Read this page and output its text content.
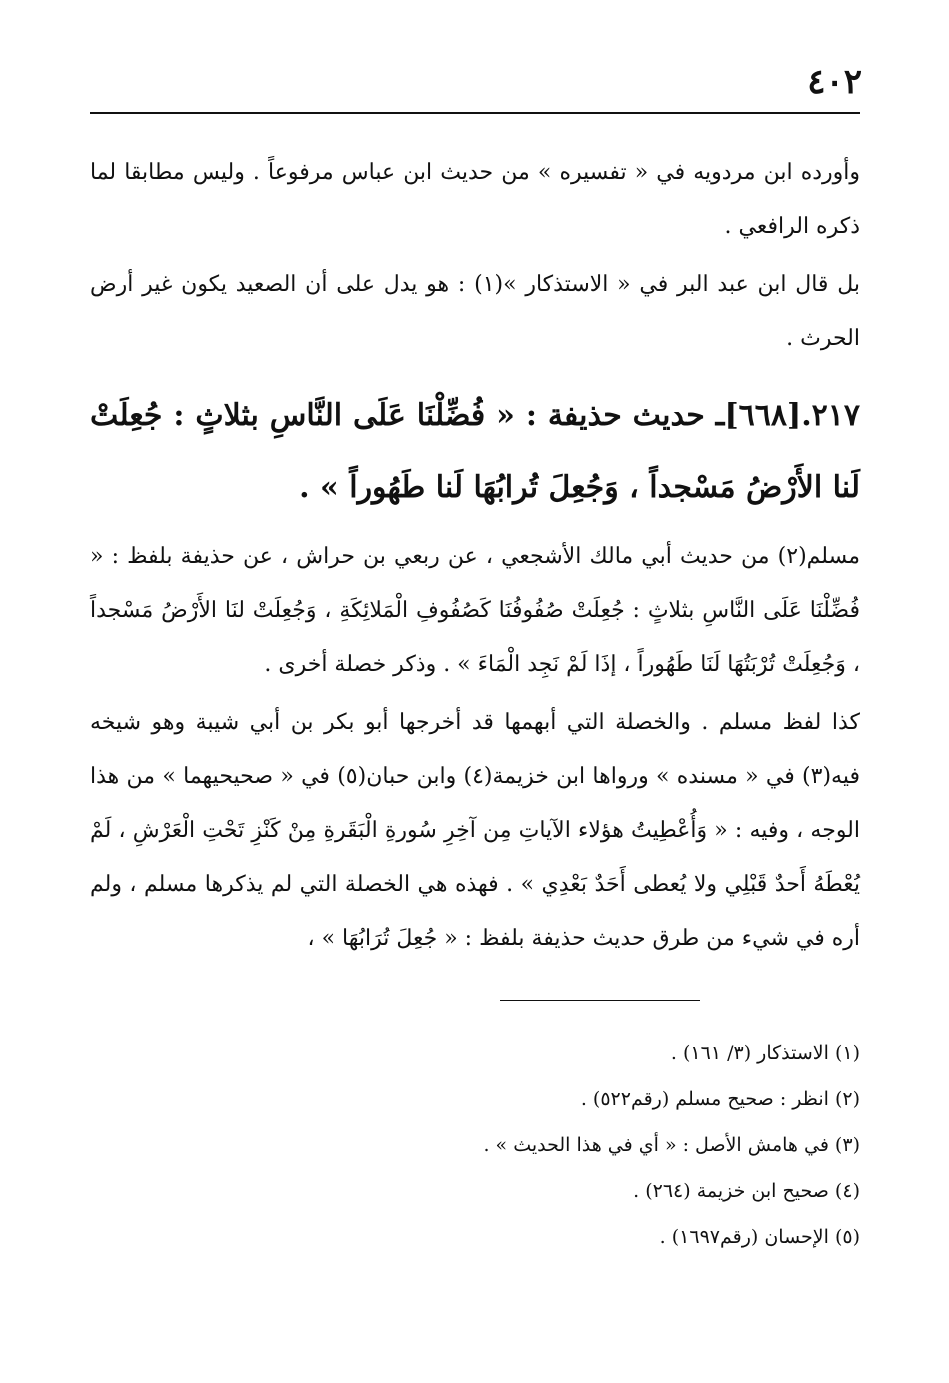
٤٠٢

وأورده ابن مردويه في « تفسيره » من حديث ابن عباس مرفوعاً . وليس مطابقا لما ذكره الرافعي .

بل قال ابن عبد البر في « الاستذكار »(١) : هو يدل على أن الصعيد يكون غير أرض الحرث .

٢١٧.[٦٦٨]ـ حديث حذيفة : « فُضِّلْنَا عَلَى النَّاسِ بثلاثٍ : جُعِلَتْ لَنا الأَرْضُ مَسْجداً ، وَجُعِلَ تُرابُهَا لَنا طَهُوراً » .

مسلم(٢) من حديث أبي مالك الأشجعي ، عن ربعي بن حراش ، عن حذيفة بلفظ : « فُضِّلْنَا عَلَى النَّاسِ بثلاثٍ : جُعِلَتْ صُفُوفُنَا كَصُفُوفِ الْمَلائِكَةِ ، وَجُعِلَتْ لنَا الأَرْضُ مَسْجداً ، وَجُعِلَتْ تُرْبَتُهَا لَنَا طَهُوراً ، إذَا لَمْ نَجِد الْمَاءَ » . وذكر خصلة أخرى .

كذا لفظ مسلم . والخصلة التي أبهمها قد أخرجها أبو بكر بن أبي شيبة وهو شيخه فيه(٣) في « مسنده » ورواها ابن خزيمة(٤) وابن حبان(٥) في « صحيحيهما » من هذا الوجه ، وفيه : « وَأُعْطِيتُ هؤلاء الآياتِ مِن آخِرِ سُورةِ الْبَقَرةِ مِنْ كَنْزِ تَحْتِ الْعَرْشِ ، لَمْ يُعْطَهُ أَحدٌ قَبْلِي ولا يُعطى أَحَدٌ بَعْدِي » . فهذه هي الخصلة التي لم يذكرها مسلم ، ولم أره في شيء من طرق حديث حذيفة بلفظ : « جُعِلَ تُرَابُهَا » ،

(١) الاستذكار (٣/ ١٦١) .
(٢) انظر : صحيح مسلم (رقم٥٢٢) .
(٣) في هامش الأصل : « أي في هذا الحديث » .
(٤) صحيح ابن خزيمة (٢٦٤) .
(٥) الإحسان (رقم١٦٩٧) .
